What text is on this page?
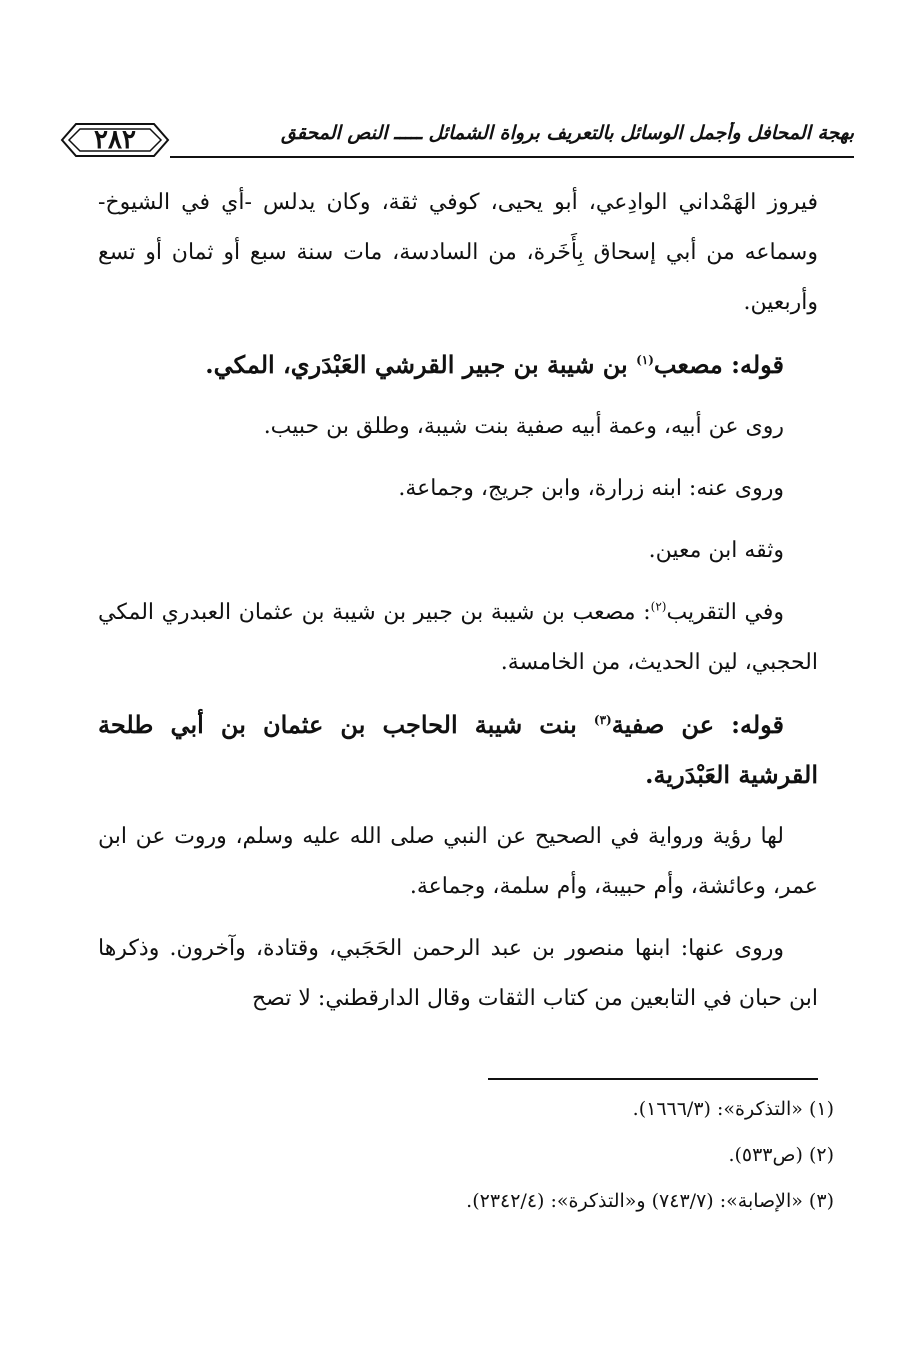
٢٨٢	بهجة المحافل وأجمل الوسائل بالتعريف برواة الشمائل ـــــ النص المحقق

فيروز الهَمْداني الوادِعي، أبو يحيى، كوفي ثقة، وكان يدلس -أي في الشيوخ- وسماعه من أبي إسحاق بِأَخَرة، من السادسة، مات سنة سبع أو ثمان أو تسع وأربعين.

قوله: مصعب$^{(١)}$ بن شيبة بن جبير القرشي العَبْدَري، المكي.

روى عن أبيه، وعمة أبيه صفية بنت شيبة، وطلق بن حبيب.

وروى عنه: ابنه زرارة، وابن جريج، وجماعة.

وثقه ابن معين.

وفي التقريب$^{(٢)}$: مصعب بن شيبة بن جبير بن شيبة بن عثمان العبدري المكي الحجبي، لين الحديث، من الخامسة.

قوله: عن صفية$^{(٣)}$ بنت شيبة الحاجب بن عثمان بن أبي طلحة القرشية العَبْدَرية.

لها رؤية ورواية في الصحيح عن النبي صلى الله عليه وسلم، وروت عن ابن عمر، وعائشة، وأم حبيبة، وأم سلمة، وجماعة.

وروى عنها: ابنها منصور بن عبد الرحمن الحَجَبي، وقتادة، وآخرون. وذكرها ابن حبان في التابعين من كتاب الثقات وقال الدارقطني: لا تصح

(١) «التذكرة»: (١٦٦٦/٣).

(٢) (ص٥٣٣).

(٣) «الإصابة»: (٧٤٣/٧) و«التذكرة»: (٢٣٤٢/٤).
